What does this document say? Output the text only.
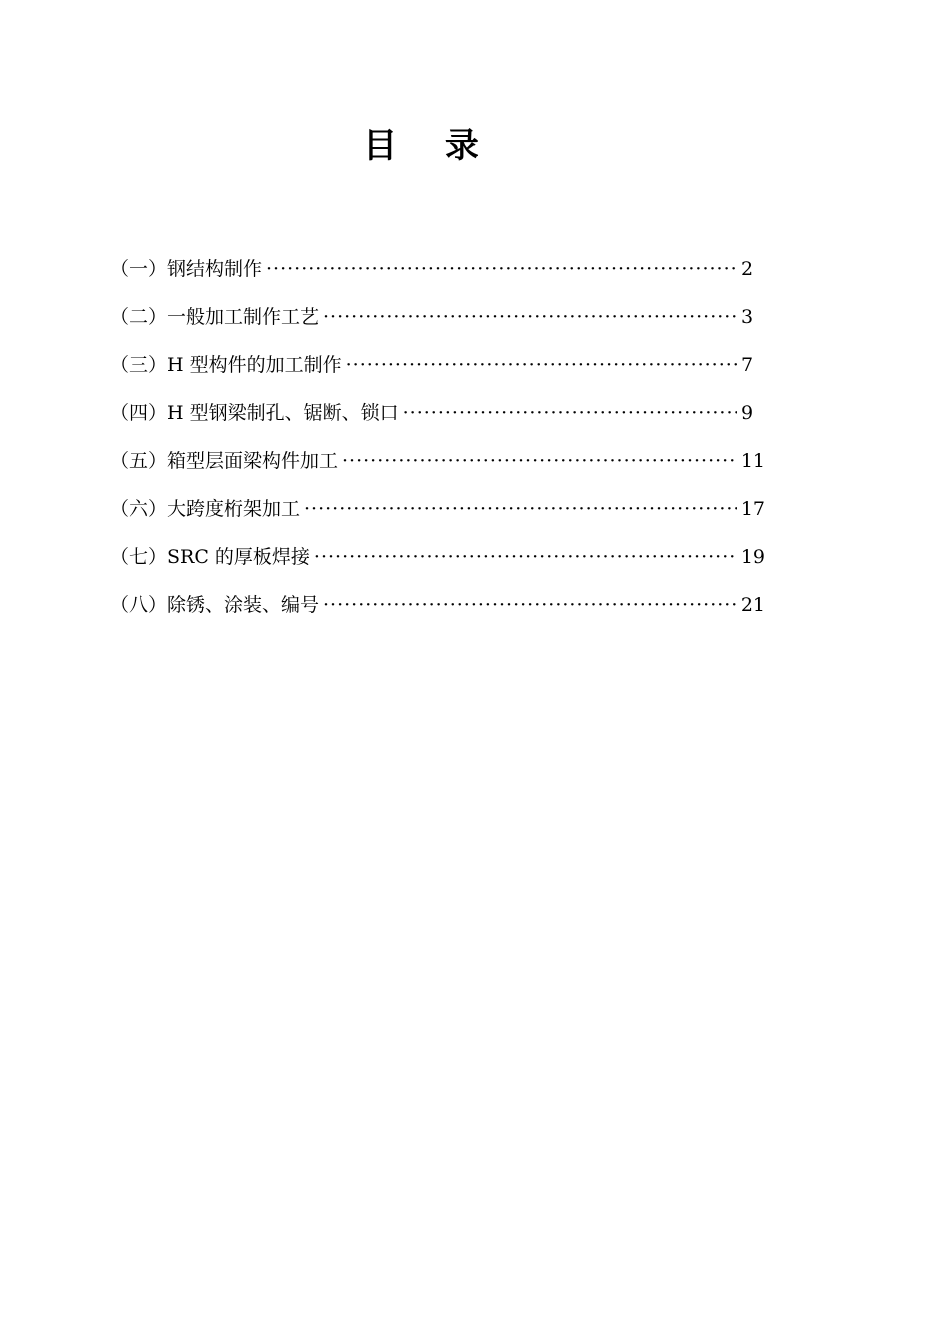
目 录
（一）钢结构制作 ·····	2
（二）一般加工制作工艺 ·····	3
（三）H 型构件的加工制作 ·····	7
（四）H 型钢梁制孔、锯断、锁口 ·····	9
（五）箱型层面梁构件加工 ·····	11
（六）大跨度桁架加工 ·····	17
（七）SRC 的厚板焊接 ·····	19
（八）除锈、涂装、编号 ·····	21
